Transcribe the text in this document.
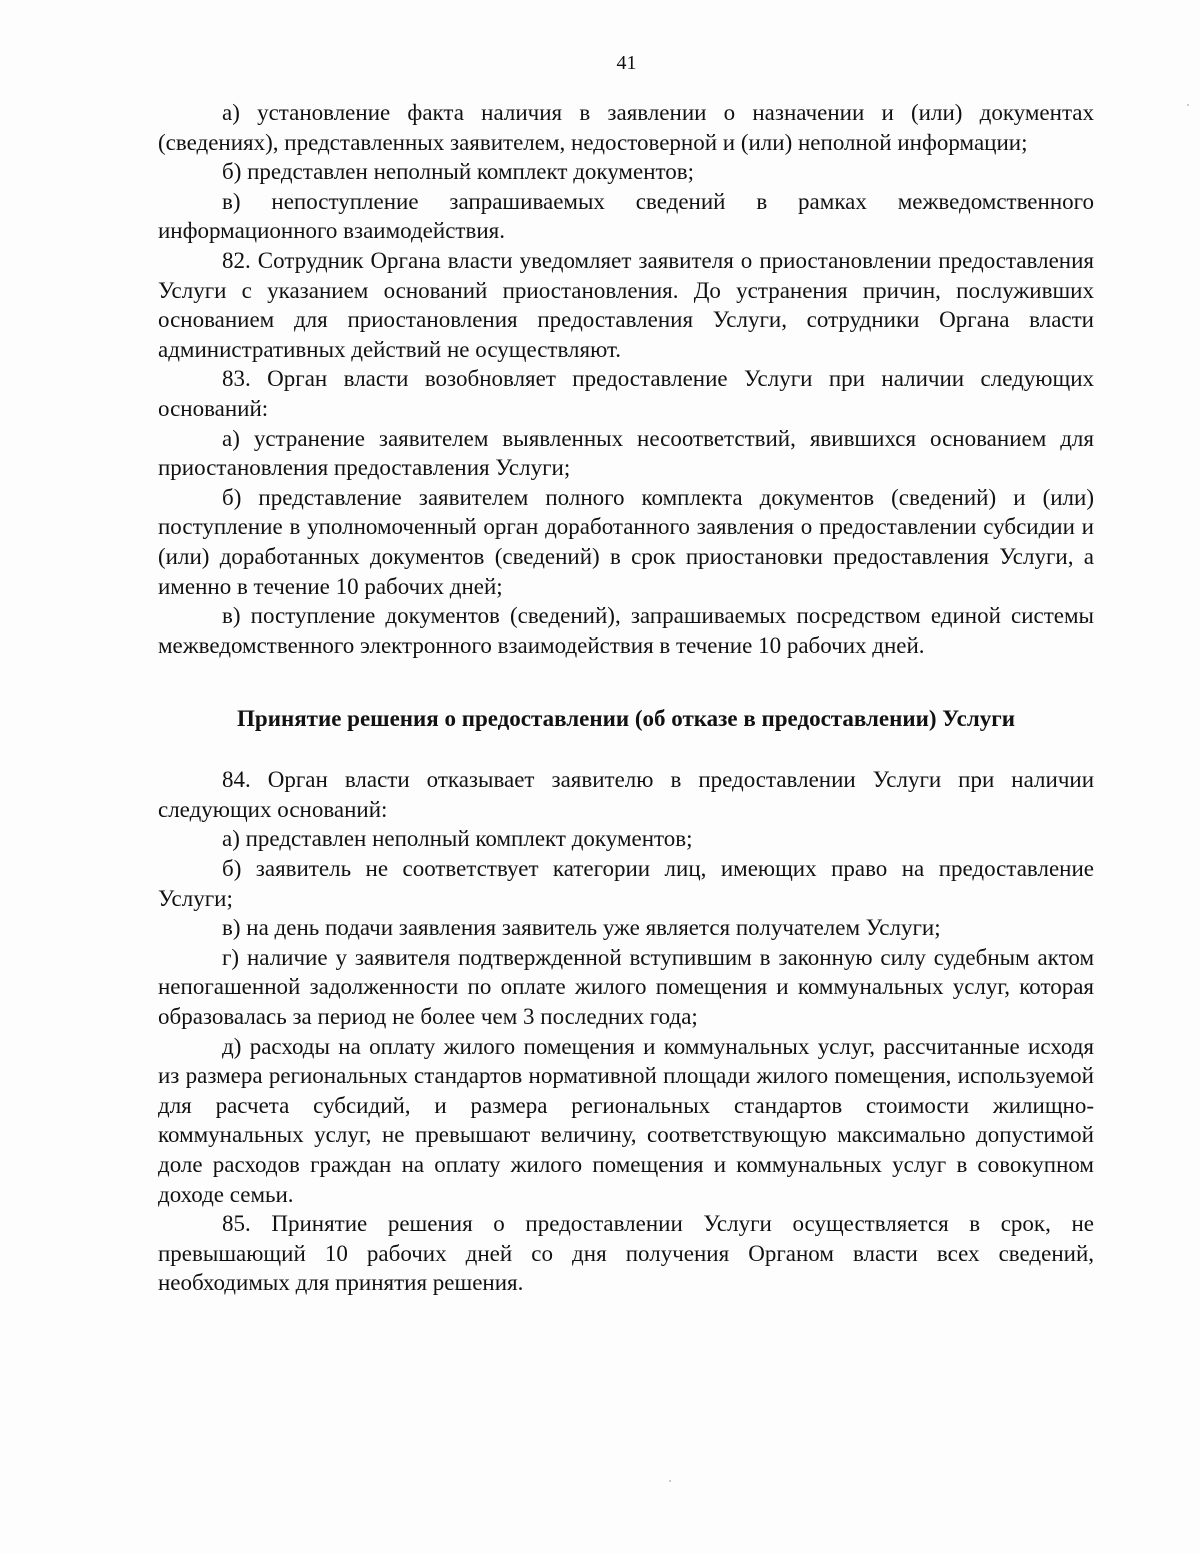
41

а) установление факта наличия в заявлении о назначении и (или) документах (сведениях), представленных заявителем, недостоверной и (или) неполной информации;

б) представлен неполный комплект документов;

в) непоступление запрашиваемых сведений в рамках межведомственного информационного взаимодействия.

82. Сотрудник Органа власти уведомляет заявителя о приостановлении предоставления Услуги с указанием оснований приостановления. До устранения причин, послуживших основанием для приостановления предоставления Услуги, сотрудники Органа власти административных действий не осуществляют.

83. Орган власти возобновляет предоставление Услуги при наличии следующих оснований:

а) устранение заявителем выявленных несоответствий, явившихся основанием для приостановления предоставления Услуги;

б) представление заявителем полного комплекта документов (сведений) и (или) поступление в уполномоченный орган доработанного заявления о предоставлении субсидии и (или) доработанных документов (сведений) в срок приостановки предоставления Услуги, а именно в течение 10 рабочих дней;

в) поступление документов (сведений), запрашиваемых посредством единой системы межведомственного электронного взаимодействия в течение 10 рабочих дней.

Принятие решения о предоставлении (об отказе в предоставлении) Услуги

84. Орган власти отказывает заявителю в предоставлении Услуги при наличии следующих оснований:

а) представлен неполный комплект документов;

б) заявитель не соответствует категории лиц, имеющих право на предоставление Услуги;

в) на день подачи заявления заявитель уже является получателем Услуги;

г) наличие у заявителя подтвержденной вступившим в законную силу судебным актом непогашенной задолженности по оплате жилого помещения и коммунальных услуг, которая образовалась за период не более чем 3 последних года;

д) расходы на оплату жилого помещения и коммунальных услуг, рассчитанные исходя из размера региональных стандартов нормативной площади жилого помещения, используемой для расчета субсидий, и размера региональных стандартов стоимости жилищно-коммунальных услуг, не превышают величину, соответствующую максимально допустимой доле расходов граждан на оплату жилого помещения и коммунальных услуг в совокупном доходе семьи.

85. Принятие решения о предоставлении Услуги осуществляется в срок, не превышающий 10 рабочих дней со дня получения Органом власти всех сведений, необходимых для принятия решения.
